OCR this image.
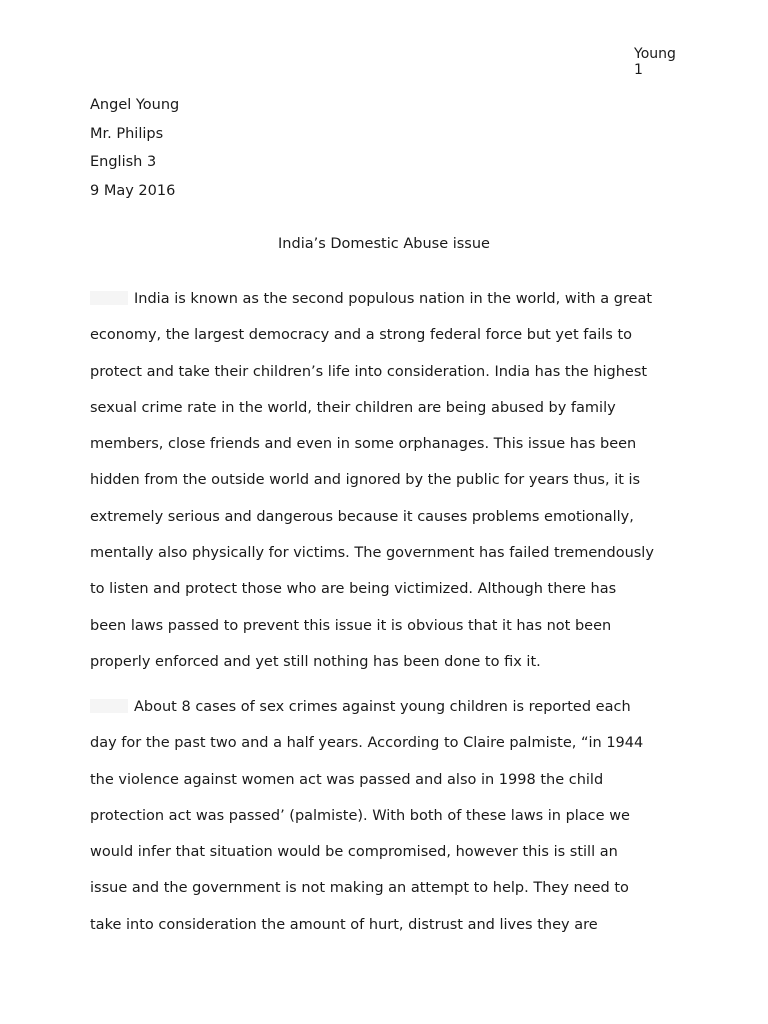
Young
1
Angel Young
Mr. Philips
English 3
9 May 2016
India’s Domestic Abuse issue
India is known as the second populous nation in the world, with a great
economy, the largest democracy and a strong federal force but yet fails to
protect and take their children’s life into consideration. India has the highest
sexual crime rate in the world, their children are being abused by family
members, close friends and even in some orphanages. This issue has been
hidden from the outside world and ignored by the public for years thus, it is
extremely serious and dangerous because it causes problems emotionally,
mentally also physically for victims. The government has failed tremendously
to listen and protect those who are being victimized. Although there has
been laws passed to prevent this issue it is obvious that it has not been
properly enforced and yet still nothing has been done to fix it.
About 8 cases of sex crimes against young children is reported each
day for the past two and a half years. According to Claire palmiste, “in 1944
the violence against women act was passed and also in 1998 the child
protection act was passed’ (palmiste). With both of these laws in place we
would infer that situation would be compromised, however this is still an
issue and the government is not making an attempt to help. They need to
take into consideration the amount of hurt, distrust and lives they are
